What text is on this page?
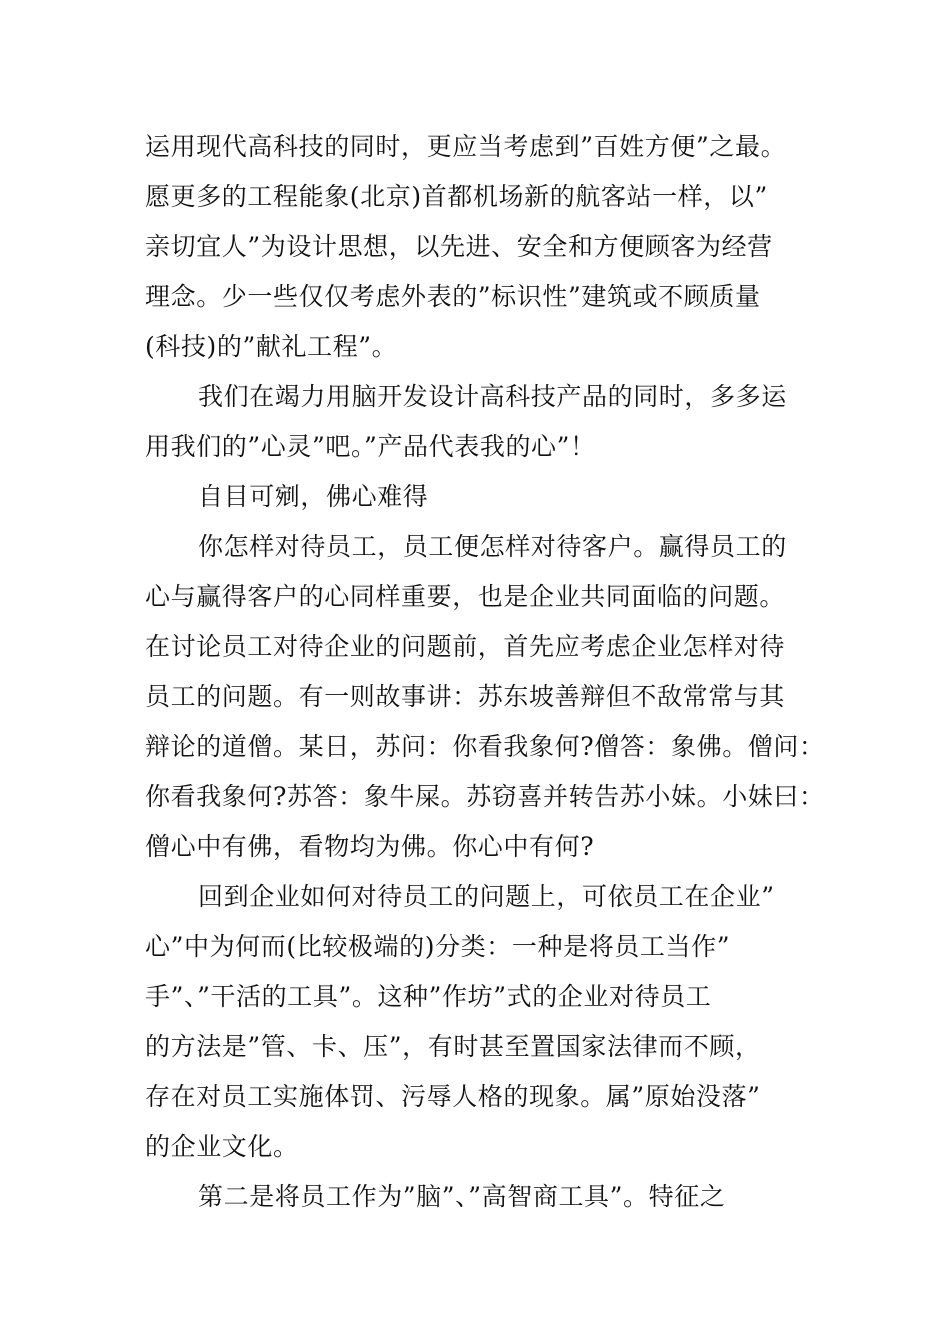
运用现代高科技的同时，更应当考虑到”百姓方便”之最。
愿更多的工程能象(北京)首都机场新的航客站一样，以”
亲切宜人”为设计思想，以先进、安全和方便顾客为经营
理念。少一些仅仅考虑外表的”标识性”建筑或不顾质量
(科技)的”献礼工程”。
我们在竭力用脑开发设计高科技产品的同时，多多运
用我们的”心灵”吧。”产品代表我的心”！
自目可剜，佛心难得
你怎样对待员工，员工便怎样对待客户。赢得员工的
心与赢得客户的心同样重要，也是企业共同面临的问题。
在讨论员工对待企业的问题前，首先应考虑企业怎样对待
员工的问题。有一则故事讲：苏东坡善辩但不敌常常与其
辩论的道僧。某日，苏问：你看我象何?僧答：象佛。僧问：
你看我象何?苏答：象牛屎。苏窃喜并转告苏小妹。小妹曰：
僧心中有佛，看物均为佛。你心中有何?
回到企业如何对待员工的问题上，可依员工在企业”
心”中为何而(比较极端的)分类：一种是将员工当作”
手”、”干活的工具”。这种”作坊”式的企业对待员工
的方法是”管、卡、压”，有时甚至置国家法律而不顾，
存在对员工实施体罚、污辱人格的现象。属”原始没落”
的企业文化。
第二是将员工作为”脑”、”高智商工具”。特征之
